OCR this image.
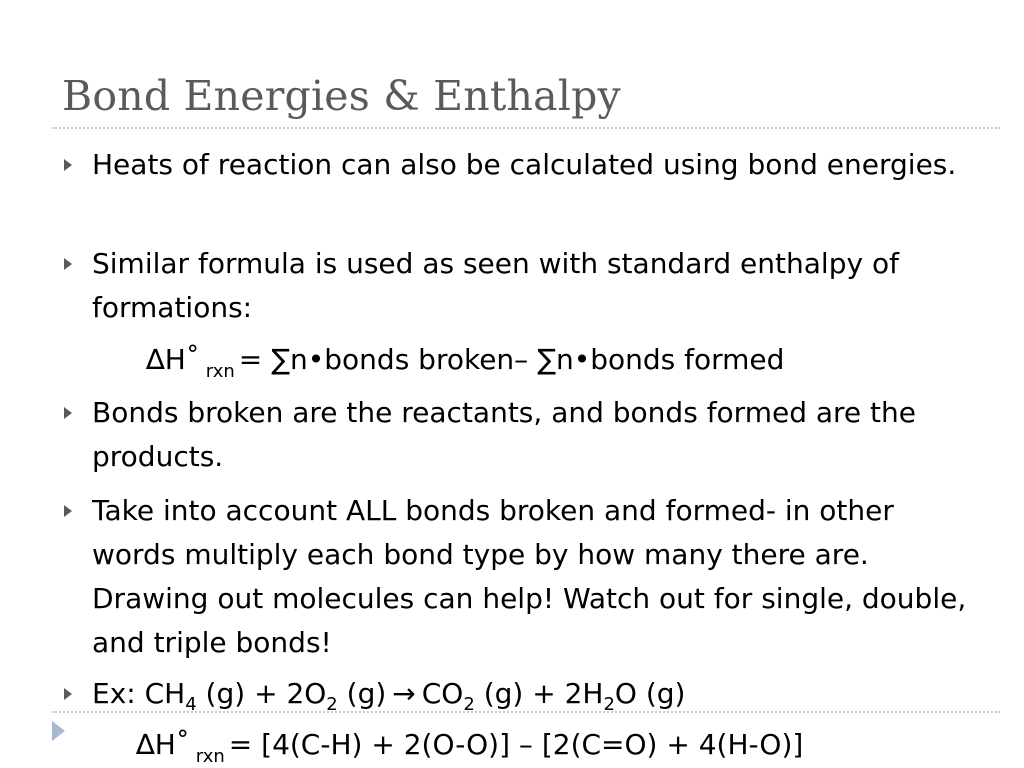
Bond Energies & Enthalpy
Heats of reaction can also be calculated using bond energies.
Similar formula is used as seen with standard enthalpy of formations:
∆H˚ $_{rxn}$ = ∑n•bonds broken– ∑n•bonds formed
Bonds broken are the reactants, and bonds formed are the products.
Take into account ALL bonds broken and formed- in other words multiply each bond type by how many there are. Drawing out molecules can help! Watch out for single, double, and triple bonds!
Ex: $CH_4$ $(g) + 2O_2$ $(g) \to CO_2$ $(g) + 2H_2O$ (g)
∆H˚ $_{rxn}$ = [4(C-H) + 2(O-O)] – [2(C=O) + 4(H-O)]
